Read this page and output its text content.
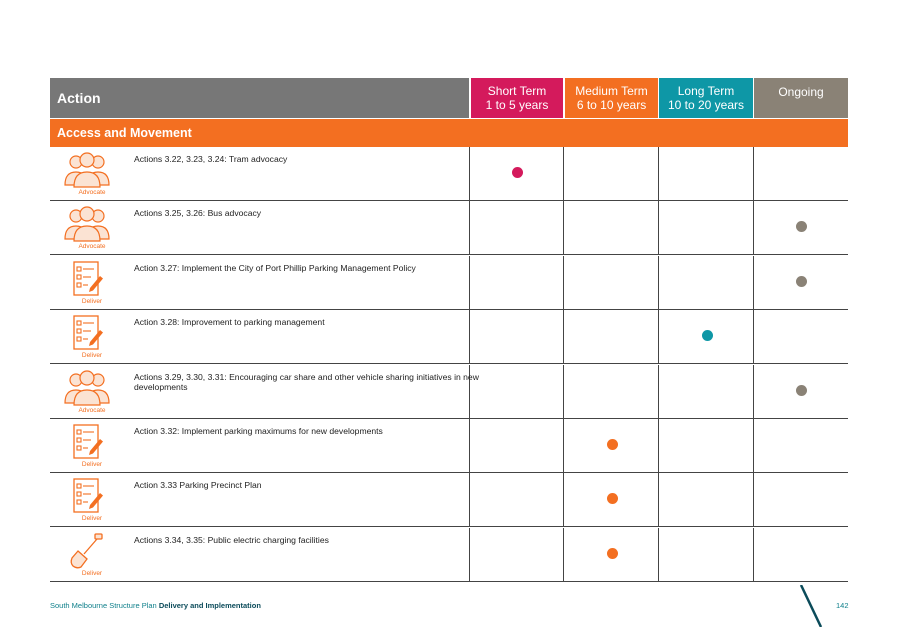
Action	Short Term
1 to 5 years
Medium Term
6 to 10 years
Long Term
10 to 20 years
Ongoing
Access and Movement
Advocate
Actions 3.22, 3.23, 3.24: Tram advocacy
Advocate
Actions 3.25, 3.26: Bus advocacy
Deliver
Action 3.27: Implement the City of Port Phillip Parking Management Policy
Deliver
Action 3.28: Improvement to parking management
Advocate
Actions 3.29, 3.30, 3.31: Encouraging car share and other vehicle sharing initiatives in new developments
Deliver
Action 3.32: Implement parking maximums for new developments
Deliver
Action 3.33 Parking Precinct Plan
Deliver
Actions 3.34, 3.35: Public electric charging facilities
South Melbourne Structure Plan Delivery and Implementation	142
